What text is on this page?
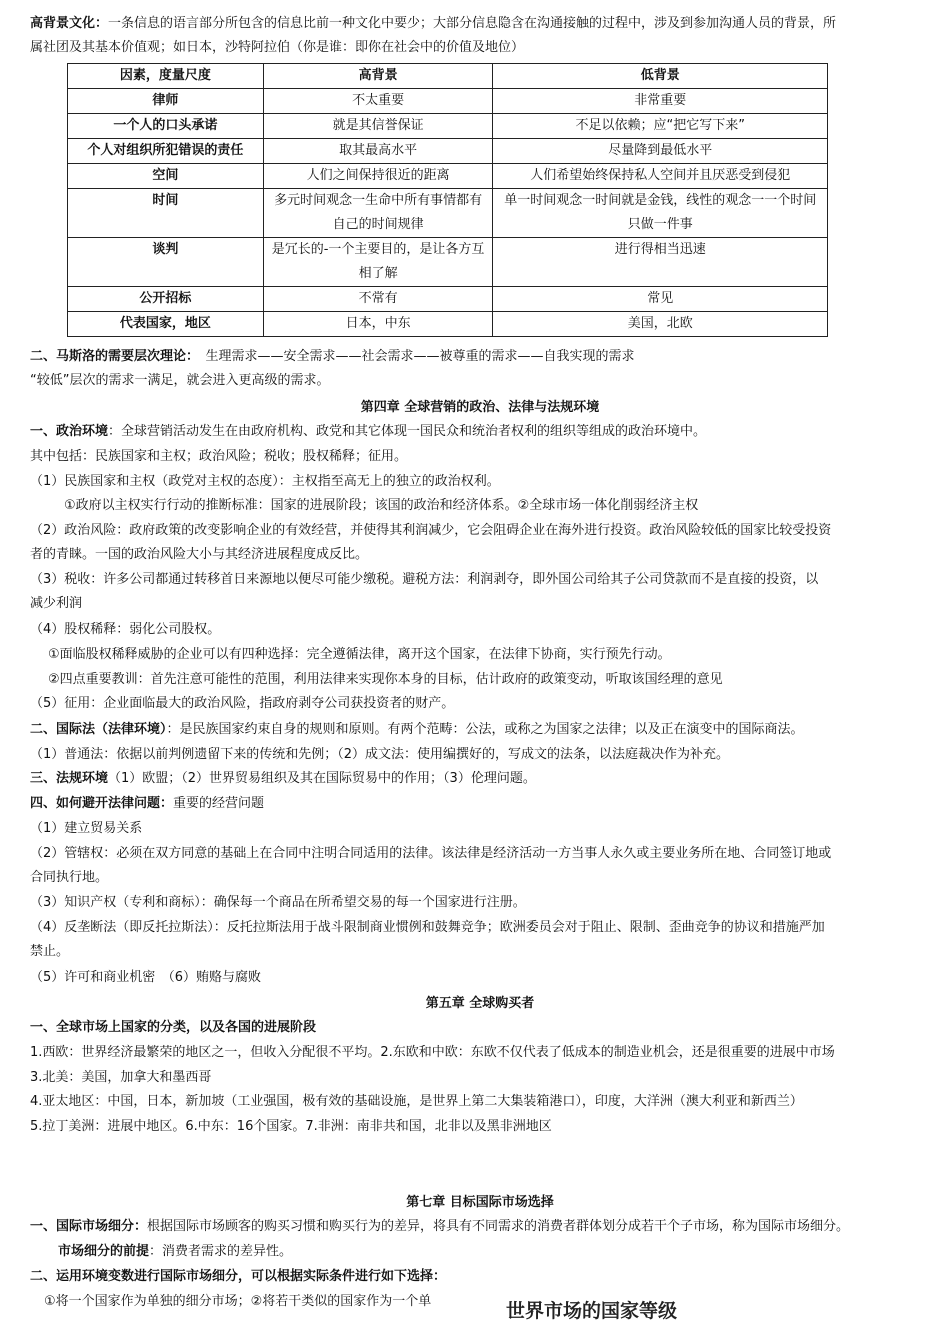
高背景文化：一条信息的语言部分所包含的信息比前一种文化中要少；大部分信息隐含在沟通接触的过程中，涉及到参加沟通人员的背景，所
属社团及其基本价值观；如日本，沙特阿拉伯（你是谁：即你在社会中的价值及地位）
因素，度量尺度	高背景	低背景
律师	不太重要	非常重要
一个人的口头承诺	就是其信誉保证	不足以依赖；应“把它写下来”
个人对组织所犯错误的责任	取其最高水平	尽量降到最低水平
空间	人们之间保持很近的距离	人们希望始终保持私人空间并且厌恶受到侵犯
时间	多元时间观念一生命中所有事情都有自己的时间规律	单一时间观念一时间就是金钱，线性的观念一一个时间只做一件事
谈判	是冗长的-一个主要目的，是让各方互相了解	进行得相当迅速
公开招标	不常有	常见
代表国家，地区	日本，中东	美国，北欧
二、马斯洛的需要层次理论：　 生理需求——安全需求——社会需求——被尊重的需求——自我实现的需求
“较低”层次的需求一满足，就会进入更高级的需求。
第四章 全球营销的政治、法律与法规环境
一、政治环境：全球营销活动发生在由政府机构、政党和其它体现一国民众和统治者权利的组织等组成的政治环境中。
其中包括：民族国家和主权；政治风险；税收；股权稀释；征用。
（1）民族国家和主权（政党对主权的态度）：主权指至高无上的独立的政治权利。
①政府以主权实行行动的推断标准：国家的进展阶段；该国的政治和经济体系。②全球市场一体化削弱经济主权
（2）政治风险：政府政策的改变影响企业的有效经营，并使得其利润减少，它会阻碍企业在海外进行投资。政治风险较低的国家比较受投资
者的青睐。一国的政治风险大小与其经济进展程度成反比。
（3）税收：许多公司都通过转移首日来源地以便尽可能少缴税。避税方法：利润剥夺，即外国公司给其子公司贷款而不是直接的投资，以
减少利润
（4）股权稀释：弱化公司股权。
①面临股权稀释威胁的企业可以有四种选择：完全遵循法律，离开这个国家，在法律下协商，实行预先行动。
②四点重要教训：首先注意可能性的范围，利用法律来实现你本身的目标，估计政府的政策变动，听取该国经理的意见
（5）征用：企业面临最大的政治风险，指政府剥夺公司获投资者的财产。
二、国际法（法律环境）：是民族国家约束自身的规则和原则。有两个范畴：公法，或称之为国家之法律；以及正在演变中的国际商法。
（1）普通法：依据以前判例遗留下来的传统和先例；（2）成文法：使用编撰好的，写成文的法条，以法庭裁决作为补充。
三、法规环境（1）欧盟；（2）世界贸易组织及其在国际贸易中的作用；（3）伦理问题。
四、如何避开法律问题：重要的经营问题
（1）建立贸易关系
（2）管辖权：必须在双方同意的基础上在合同中注明合同适用的法律。该法律是经济活动一方当事人永久或主要业务所在地、合同签订地或
合同执行地。
（3）知识产权（专利和商标）：确保每一个商品在所希望交易的每一个国家进行注册。
（4）反垄断法（即反托拉斯法）：反托拉斯法用于战斗限制商业惯例和鼓舞竞争；欧洲委员会对于阻止、限制、歪曲竞争的协议和措施严加
禁止。
（5）许可和商业机密　（6）贿赂与腐败
第五章 全球购买者
一、全球市场上国家的分类，以及各国的进展阶段
1.西欧：世界经济最繁荣的地区之一，但收入分配很不平均。2.东欧和中欧：东欧不仅代表了低成本的制造业机会，还是很重要的进展中市场
3.北美：美国，加拿大和墨西哥
4.亚太地区：中国，日本，新加坡（工业强国，极有效的基础设施，是世界上第二大集装箱港口），印度，大洋洲（澳大利亚和新西兰）
5.拉丁美洲：进展中地区。6.中东：16个国家。7.非洲：南非共和国，北非以及黑非洲地区
第七章 目标国际市场选择
一、国际市场细分：根据国际市场顾客的购买习惯和购买行为的差异，将具有不同需求的消费者群体划分成若干个子市场，称为国际市场细分。
市场细分的前提：消费者需求的差异性。
二、运用环境变数进行国际市场细分，可以根据实际条件进行如下选择：
①将一个国家作为单独的细分市场；②将若干类似的国家作为一个单	世界市场的国家等级
